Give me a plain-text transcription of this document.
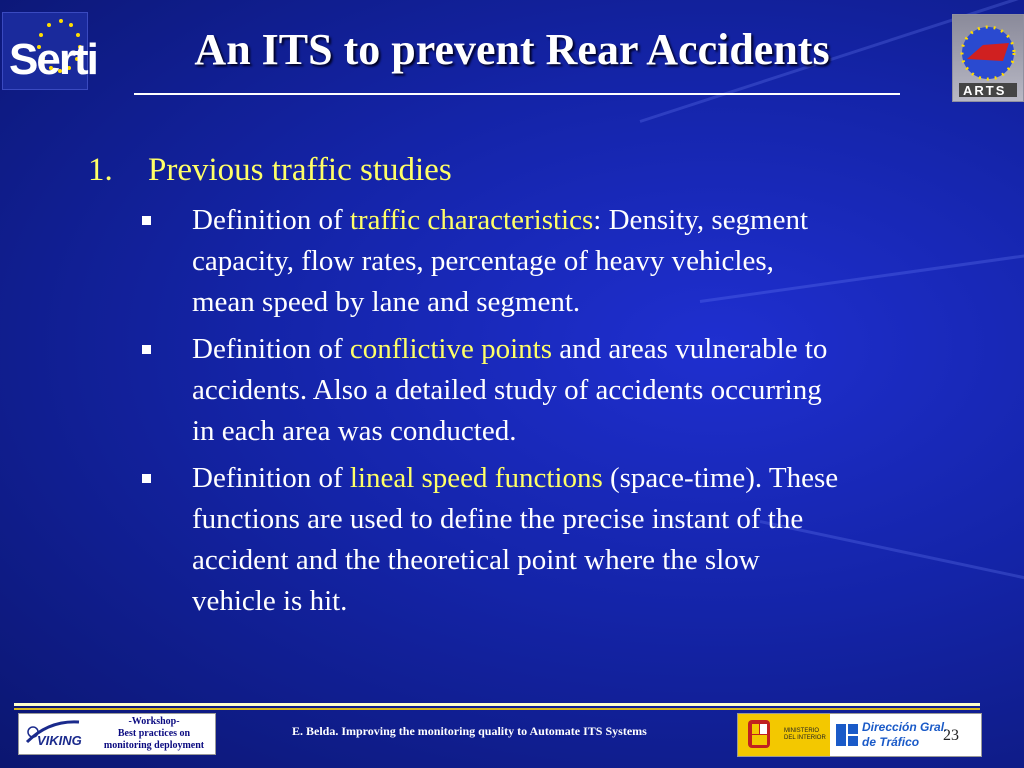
Serti	An ITS to prevent Rear Accidents
ARTS
1.	Previous traffic studies
Definition of traffic characteristics: Density, segment capacity, flow rates, percentage of heavy vehicles, mean speed by lane and segment.
Definition of conflictive points and areas vulnerable to accidents. Also a detailed study of accidents occurring in each area was conducted.
Definition of lineal speed functions (space-time). These functions are used to define the precise instant of the accident and the theoretical point where the slow vehicle is hit.
VIKING
-Workshop-
Best practices on
monitoring deployment
E. Belda. Improving the monitoring quality to Automate ITS Systems	MINISTERIO
DEL INTERIOR
Dirección Gral.
de Tráfico	23
